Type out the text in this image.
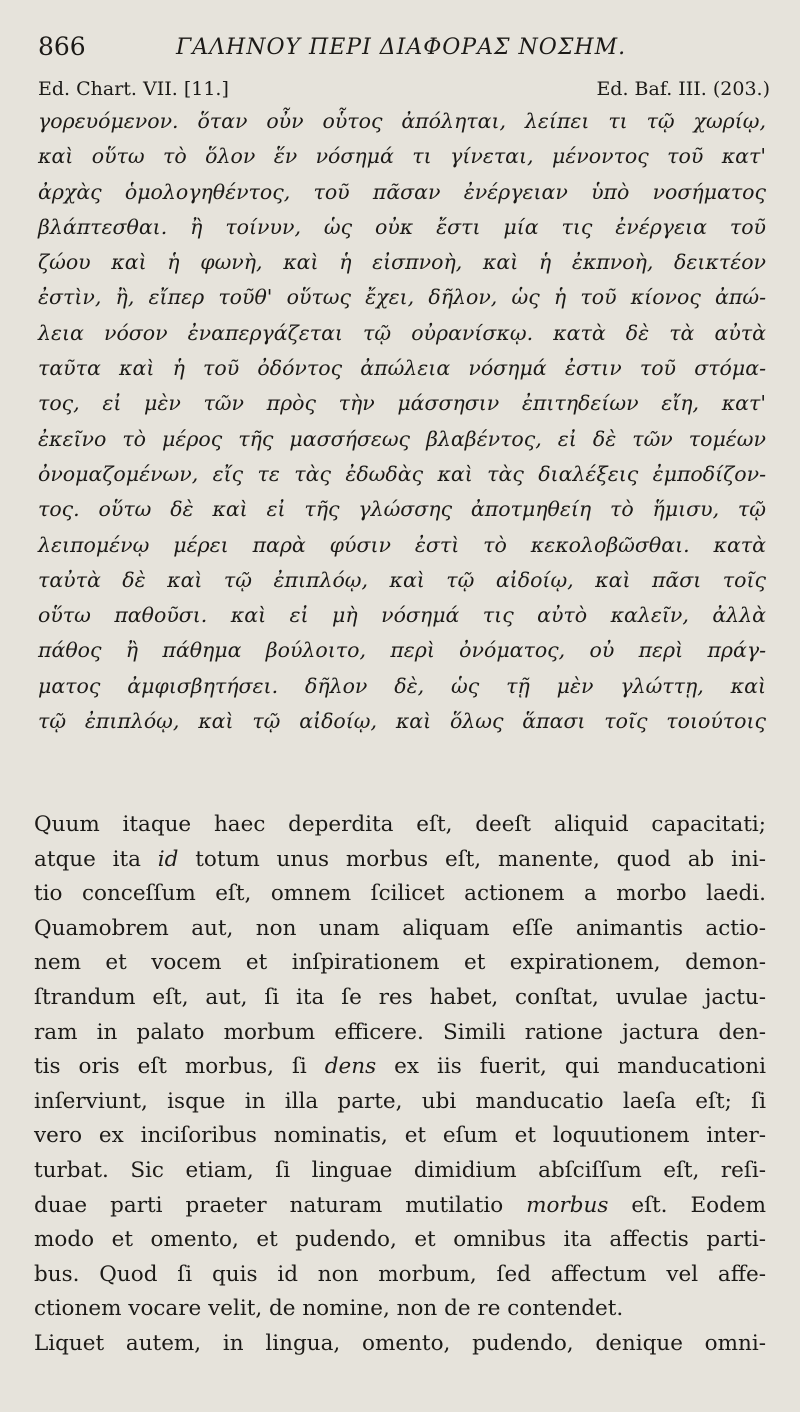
866	ΓΑΛΗΝΟΥ ΠΕΡΙ ΔΙΑΦΟΡΑΣ ΝΟΣΗΜ.
Ed. Chart. VII. [11.]	Ed. Baf. III. (203.)
γορευόμενον. ὅταν οὖν οὗτος ἀπόληται, λείπει τι τῷ χωρίῳ,
καὶ οὕτω τὸ ὅλον ἕν νόσημά τι γίνεται, μένοντος τοῦ κατ'
ἀρχὰς ὁμολογηθέντος, τοῦ πᾶσαν ἐνέργειαν ὑπὸ νοσήματος
βλάπτεσθαι. ἢ τοίνυν, ὡς οὐκ ἔστι μία τις ἐνέργεια τοῦ
ζώου καὶ ἡ φωνὴ, καὶ ἡ εἰσπνοὴ, καὶ ἡ ἐκπνοὴ, δεικτέον
ἐστὶν, ἢ, εἴπερ τοῦθ' οὕτως ἔχει, δῆλον, ὡς ἡ τοῦ κίονος ἀπώ-
λεια νόσον ἐναπεργάζεται τῷ οὐρανίσκῳ. κατὰ δὲ τὰ αὐτὰ
ταῦτα καὶ ἡ τοῦ ὀδόντος ἀπώλεια νόσημά ἐστιν τοῦ στόμα-
τος, εἰ μὲν τῶν πρὸς τὴν μάσσησιν ἐπιτηδείων εἴη, κατ'
ἐκεῖνο τὸ μέρος τῆς μασσήσεως βλαβέντος, εἰ δὲ τῶν τομέων
ὀνομαζομένων, εἴς τε τὰς ἐδωδὰς καὶ τὰς διαλέξεις ἐμποδίζον-
τος. οὕτω δὲ καὶ εἰ τῆς γλώσσης ἀποτμηθείη τὸ ἥμισυ, τῷ
λειπομένῳ μέρει παρὰ φύσιν ἐστὶ τὸ κεκολοβῶσθαι. κατὰ
ταὐτὰ δὲ καὶ τῷ ἐπιπλόῳ, καὶ τῷ αἰδοίῳ, καὶ πᾶσι τοῖς
οὕτω παθοῦσι. καὶ εἰ μὴ νόσημά τις αὐτὸ καλεῖν, ἀλλὰ
πάθος ἢ πάθημα βούλοιτο, περὶ ὀνόματος, οὐ περὶ πράγ-
ματος ἀμφισβητήσει. δῆλον δὲ, ὡς τῇ μὲν γλώττῃ, καὶ
τῷ ἐπιπλόῳ, καὶ τῷ αἰδοίῳ, καὶ ὅλως ἅπασι τοῖς τοιούτοις
Quum itaque haec deperdita eſt, deeſt aliquid capacitati;
atque ita id totum unus morbus eſt, manente, quod ab ini-
tio conceſſum eſt, omnem ſcilicet actionem a morbo laedi.
Quamobrem aut, non unam aliquam eſſe animantis actio-
nem et vocem et inſpirationem et expirationem, demon-
ſtrandum eſt, aut, ſi ita ſe res habet, conſtat, uvulae jactu-
ram in palato morbum efficere. Simili ratione jactura den-
tis oris eſt morbus, ſi dens ex iis fuerit, qui manducationi
inſerviunt, isque in illa parte, ubi manducatio laeſa eſt; ſi
vero ex inciſoribus nominatis, et eſum et loquutionem inter-
turbat. Sic etiam, ſi linguae dimidium abſciſſum eſt, reſi-
duae parti praeter naturam mutilatio morbus eſt. Eodem
modo et omento, et pudendo, et omnibus ita affectis parti-
bus. Quod ſi quis id non morbum, ſed affectum vel affe-
ctionem vocare velit, de nomine, non de re contendet.
Liquet autem, in lingua, omento, pudendo, denique omni-
